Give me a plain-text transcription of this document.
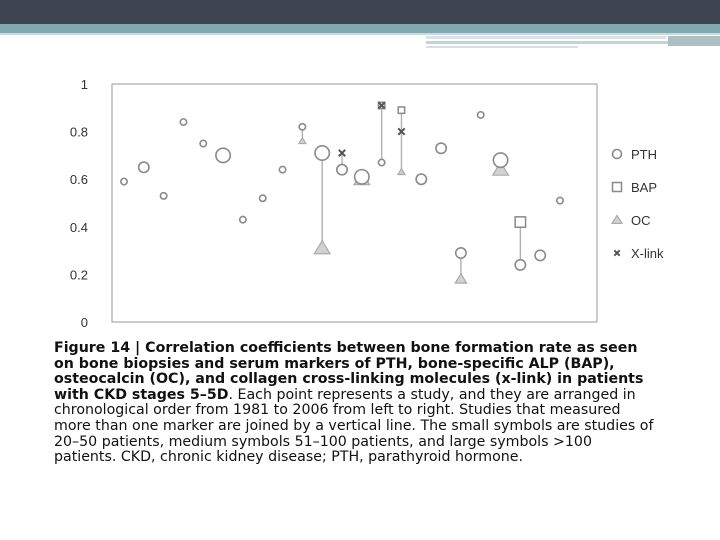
0
0.2
0.4
0.6
0.8
1
PTH
BAP
OC
X-link
Figure 14 | Correlation coefficients between bone formation rate as seen on bone biopsies and serum markers of PTH, bone-specific ALP (BAP), osteocalcin (OC), and collagen cross-linking molecules (x-link) in patients with CKD stages 5–5D. Each point represents a study, and they are arranged in chronological order from 1981 to 2006 from left to right. Studies that measured more than one marker are joined by a vertical line. The small symbols are studies of 20–50 patients, medium symbols 51–100 patients, and large symbols >100 patients. CKD, chronic kidney disease; PTH, parathyroid hormone.
